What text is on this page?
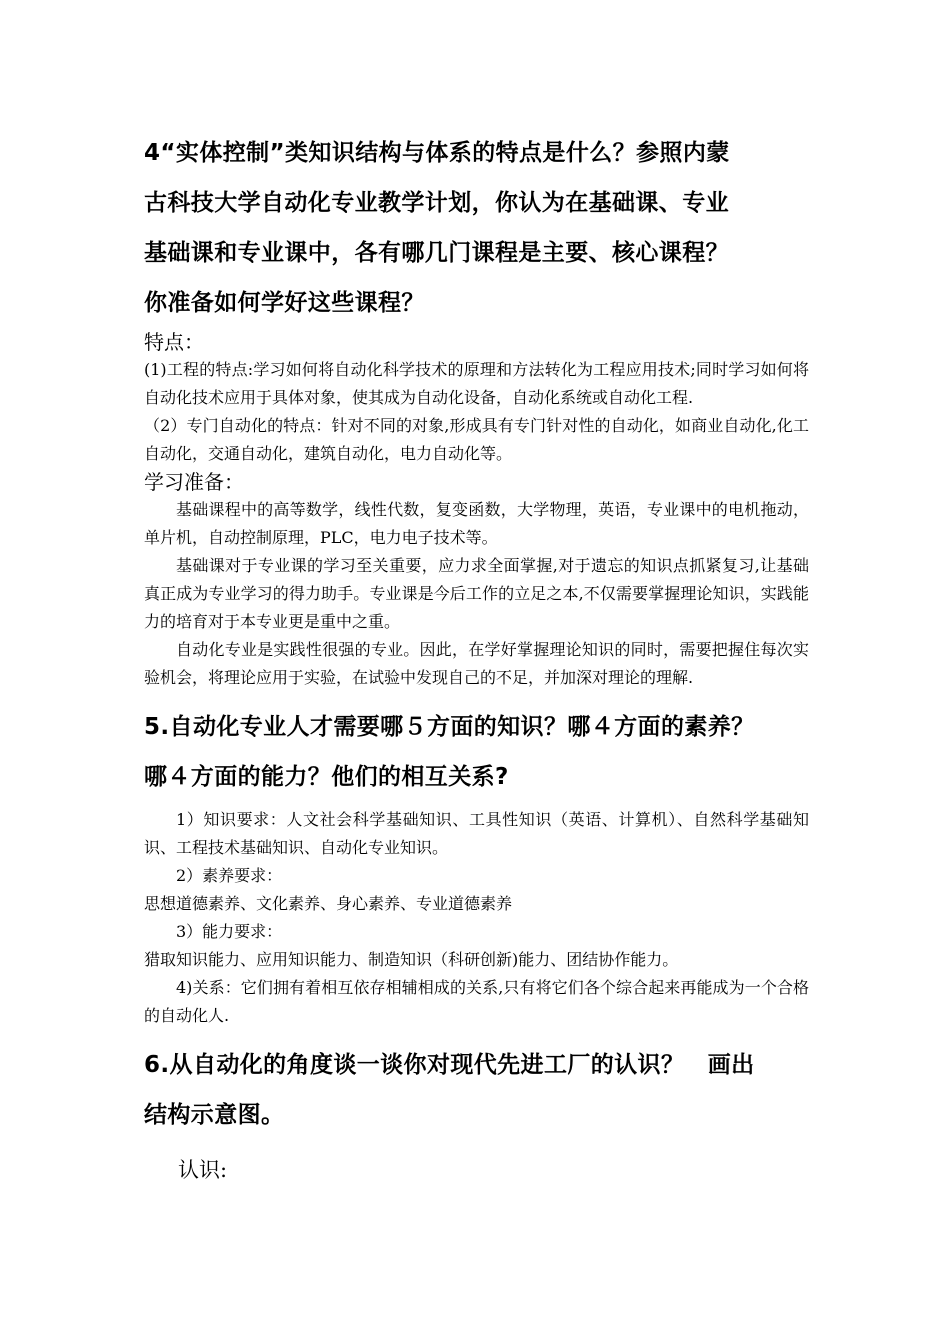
4“实体控制”类知识结构与体系的特点是什么？参照内蒙

古科技大学自动化专业教学计划，你认为在基础课、专业

基础课和专业课中，各有哪几门课程是主要、核心课程？

你准备如何学好这些课程？

特点：

(1)工程的特点:学习如何将自动化科学技术的原理和方法转化为工程应用技术;同时学习如何将自动化技术应用于具体对象，使其成为自动化设备，自动化系统或自动化工程.

（2）专门自动化的特点：针对不同的对象,形成具有专门针对性的自动化，如商业自动化,化工自动化，交通自动化，建筑自动化，电力自动化等。

学习准备：

基础课程中的高等数学，线性代数，复变函数，大学物理，英语，专业课中的电机拖动，单片机，自动控制原理，PLC，电力电子技术等。

基础课对于专业课的学习至关重要，应力求全面掌握,对于遗忘的知识点抓紧复习,让基础真正成为专业学习的得力助手。专业课是今后工作的立足之本,不仅需要掌握理论知识，实践能力的培育对于本专业更是重中之重。

自动化专业是实践性很强的专业。因此，在学好掌握理论知识的同时，需要把握住每次实验机会，将理论应用于实验，在试验中发现自己的不足，并加深对理论的理解.

5.自动化专业人才需要哪５方面的知识？哪４方面的素养？

哪４方面的能力？他们的相互关系?

1）知识要求：人文社会科学基础知识、工具性知识（英语、计算机）、自然科学基础知识、工程技术基础知识、自动化专业知识。

2）素养要求：

思想道德素养、文化素养、身心素养、专业道德素养

3）能力要求：

猎取知识能力、应用知识能力、制造知识（科研创新)能力、团结协作能力。

4)关系：它们拥有着相互依存相辅相成的关系,只有将它们各个综合起来再能成为一个合格的自动化人.

6.从自动化的角度谈一谈你对现代先进工厂的认识？　画出

结构示意图。

认识:
